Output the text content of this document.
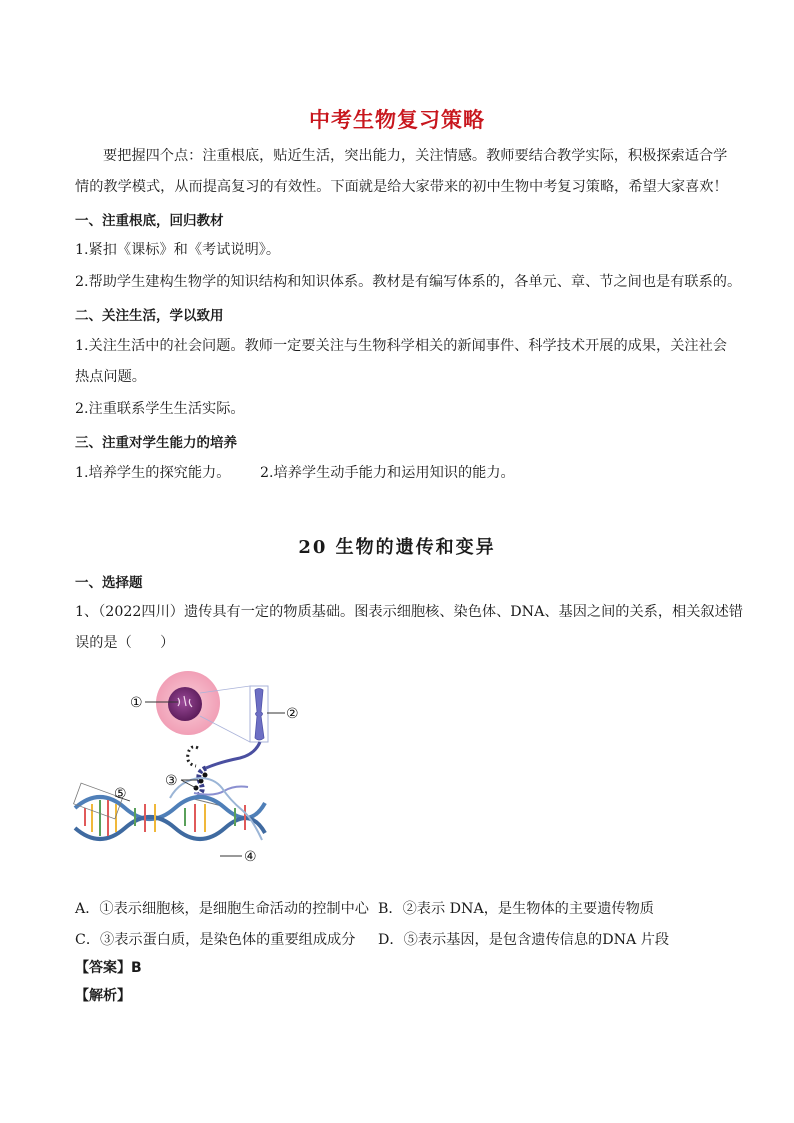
中考生物复习策略
要把握四个点：注重根底，贴近生活，突出能力，关注情感。教师要结合教学实际，积极探索适合学
情的教学模式，从而提高复习的有效性。下面就是给大家带来的初中生物中考复习策略，希望大家喜欢！
一、注重根底，回归教材
1.紧扣《课标》和《考试说明》。
2.帮助学生建构生物学的知识结构和知识体系。教材是有编写体系的，各单元、章、节之间也是有联系的。
二、关注生活，学以致用
1.关注生活中的社会问题。教师一定要关注与生物科学相关的新闻事件、科学技术开展的成果，关注社会
热点问题。
2.注重联系学生生活实际。
三、注重对学生能力的培养
1.培养学生的探究能力。 2.培养学生动手能力和运用知识的能力。
20 生物的遗传和变异
一、选择题
1、（2022四川）遗传具有一定的物质基础。图表示细胞核、染色体、DNA、基因之间的关系，相关叙述错
误的是（　　）
①
②
③
④
⑤
A．①表示细胞核，是细胞生命活动的控制中心 B．②表示 DNA，是生物体的主要遗传物质
C．③表示蛋白质，是染色体的重要组成成分 D．⑤表示基因，是包含遗传信息的DNA 片段
【答案】B
【解析】
